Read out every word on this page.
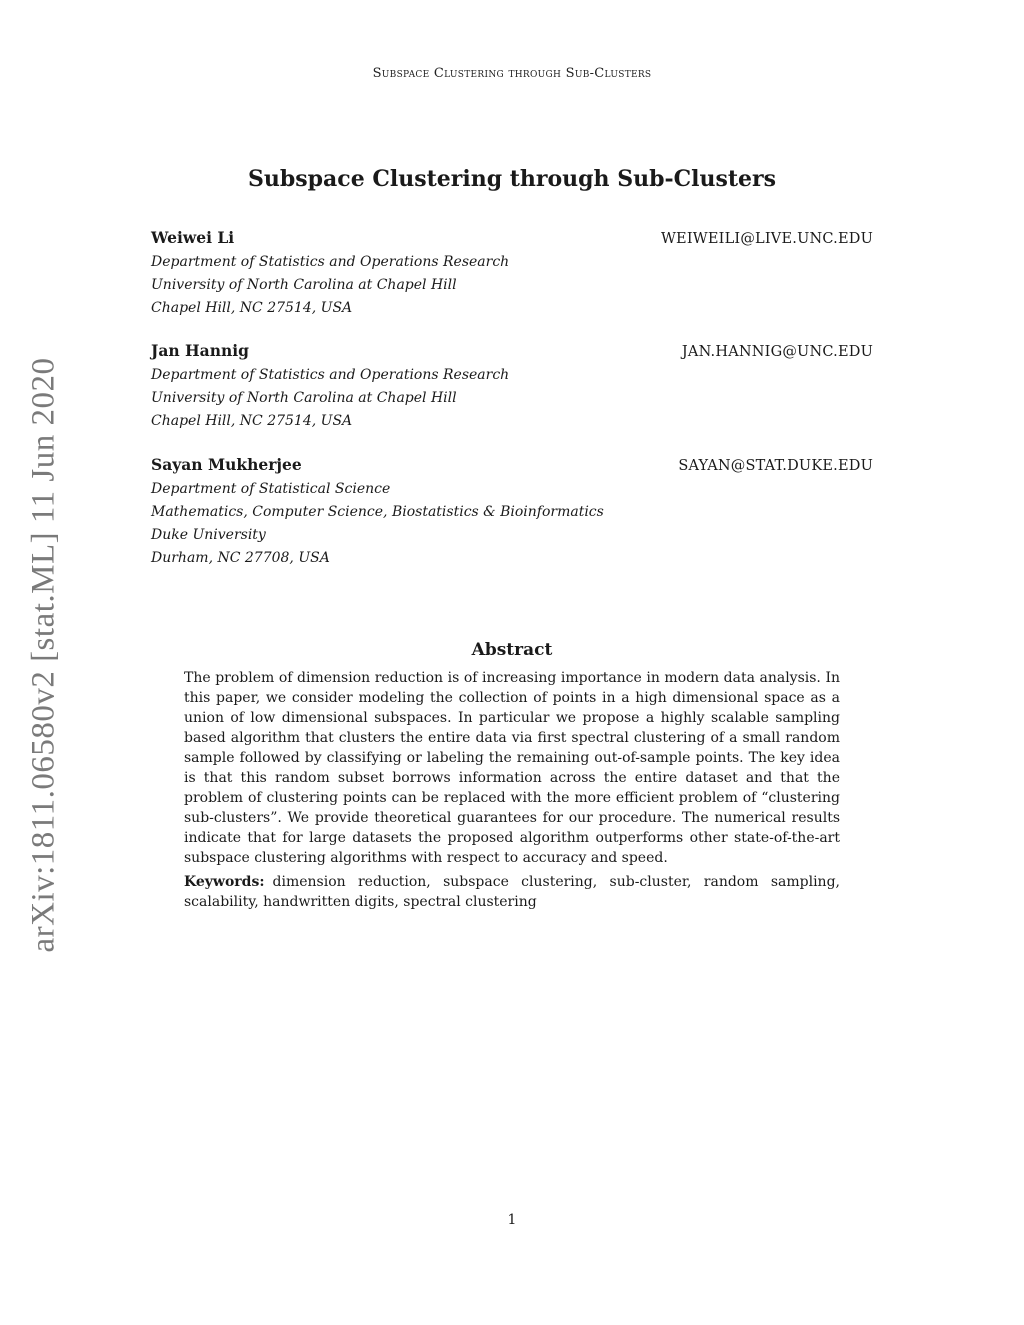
Subspace Clustering through Sub-Clusters
arXiv:1811.06580v2 [stat.ML] 11 Jun 2020
Subspace Clustering through Sub-Clusters
Weiwei Li	WEIWEILI@LIVE.UNC.EDU
Department of Statistics and Operations Research
University of North Carolina at Chapel Hill
Chapel Hill, NC 27514, USA
Jan Hannig	JAN.HANNIG@UNC.EDU
Department of Statistics and Operations Research
University of North Carolina at Chapel Hill
Chapel Hill, NC 27514, USA
Sayan Mukherjee	SAYAN@STAT.DUKE.EDU
Department of Statistical Science
Mathematics, Computer Science, Biostatistics & Bioinformatics
Duke University
Durham, NC 27708, USA
Abstract

The problem of dimension reduction is of increasing importance in modern data analysis. In this paper, we consider modeling the collection of points in a high dimensional space as a union of low dimensional subspaces. In particular we propose a highly scalable sampling based algorithm that clusters the entire data via first spectral clustering of a small random sample followed by classifying or labeling the remaining out-of-sample points. The key idea is that this random subset borrows information across the entire dataset and that the problem of clustering points can be replaced with the more efficient problem of “clustering sub-clusters”. We provide theoretical guarantees for our procedure. The numerical results indicate that for large datasets the proposed algorithm outperforms other state-of-the-art subspace clustering algorithms with respect to accuracy and speed.

Keywords: dimension reduction, subspace clustering, sub-cluster, random sampling, scalability, handwritten digits, spectral clustering

1
